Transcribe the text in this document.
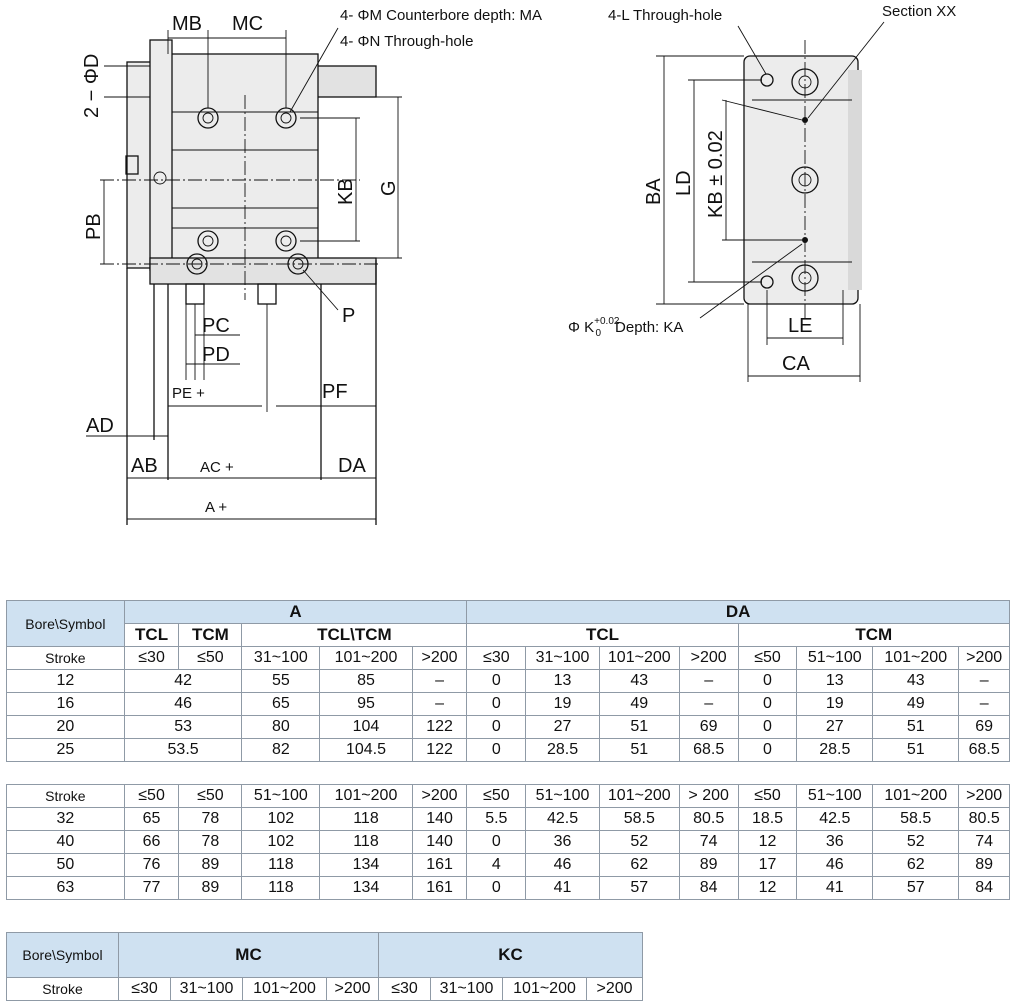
MB MC	4- ΦM Counterbore depth: MA
4- ΦN Through-hole
2 − ΦD
PB
KB G
P
PC
PD
PE +	PF
AD
AB	AC +	DA
A +
4-L Through-hole	Section XX
BA LD KB ± 0.02
Φ $K^{+0.02}$ 0 Depth: KA	LE
CA
Bore\Symbol	A					DA							
	TCL	TCM	TCL\TCM			TCL				TCM			
Stroke	≤30	≤50	31~100	101~200	>200	≤30	31~100	101~200	>200	≤50	51~100	101~200	>200
12	42		55	85	–	0	13	43	–	0	13	43	–
16	46		65	95	–	0	19	49	–	0	19	49	–
20	53		80	104	122	0	27	51	69	0	27	51	69
25	53.5		82	104.5	122	0	28.5	51	68.5	0	28.5	51	68.5

Stroke	≤50	≤50	51~100	101~200	>200	≤50	51~100	101~200	> 200	≤50	51~100	101~200	>200
32	65	78	102	118	140	5.5	42.5	58.5	80.5	18.5	42.5	58.5	80.5
40	66	78	102	118	140	0	36	52	74	12	36	52	74
50	76	89	118	134	161	4	46	62	89	17	46	62	89
63	77	89	118	134	161	0	41	57	84	12	41	57	84
Bore\Symbol	MC				KC			
Stroke	≤30	31~100	101~200	>200	≤30	31~100	101~200	>200
